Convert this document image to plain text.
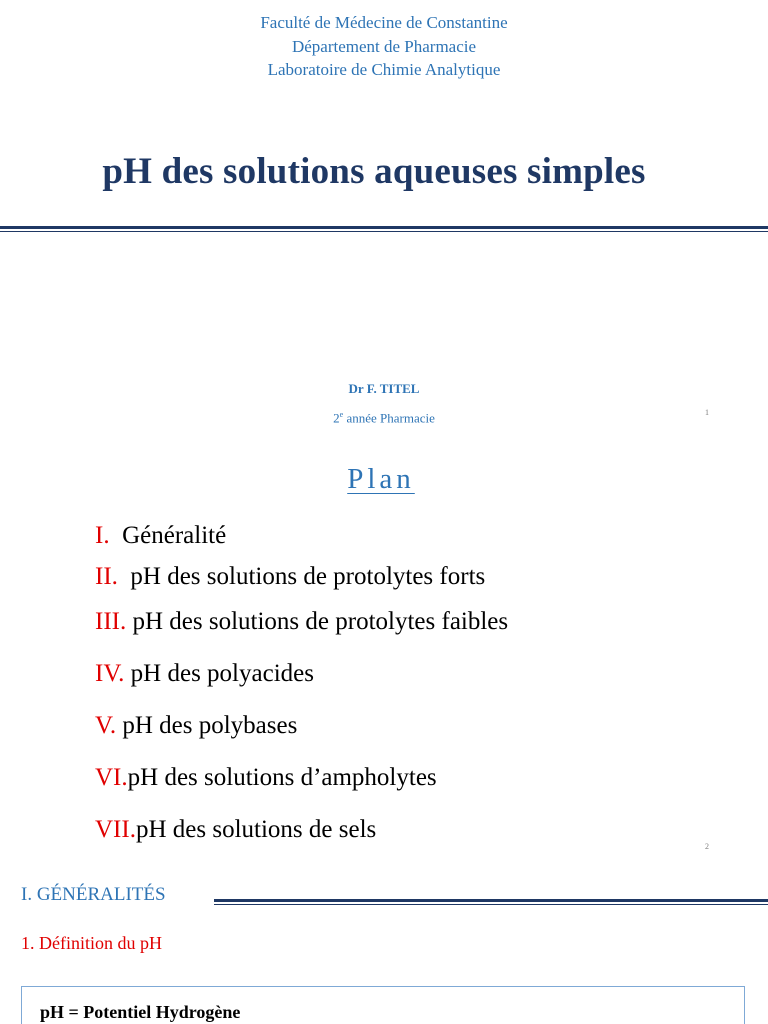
Faculté de Médecine de Constantine
Département de Pharmacie
Laboratoire de Chimie Analytique
pH des solutions aqueuses simples
Dr F. TITEL
2e année Pharmacie	1
Plan
I. Généralité
II. pH des solutions de protolytes forts
III. pH des solutions de protolytes faibles
IV. pH des polyacides
V. pH des polybases
VI.pH des solutions d’ampholytes
VII.pH des solutions de sels
2
I. GÉNÉRALITÉS
1. Définition du pH
pH = Potentiel Hydrogène
